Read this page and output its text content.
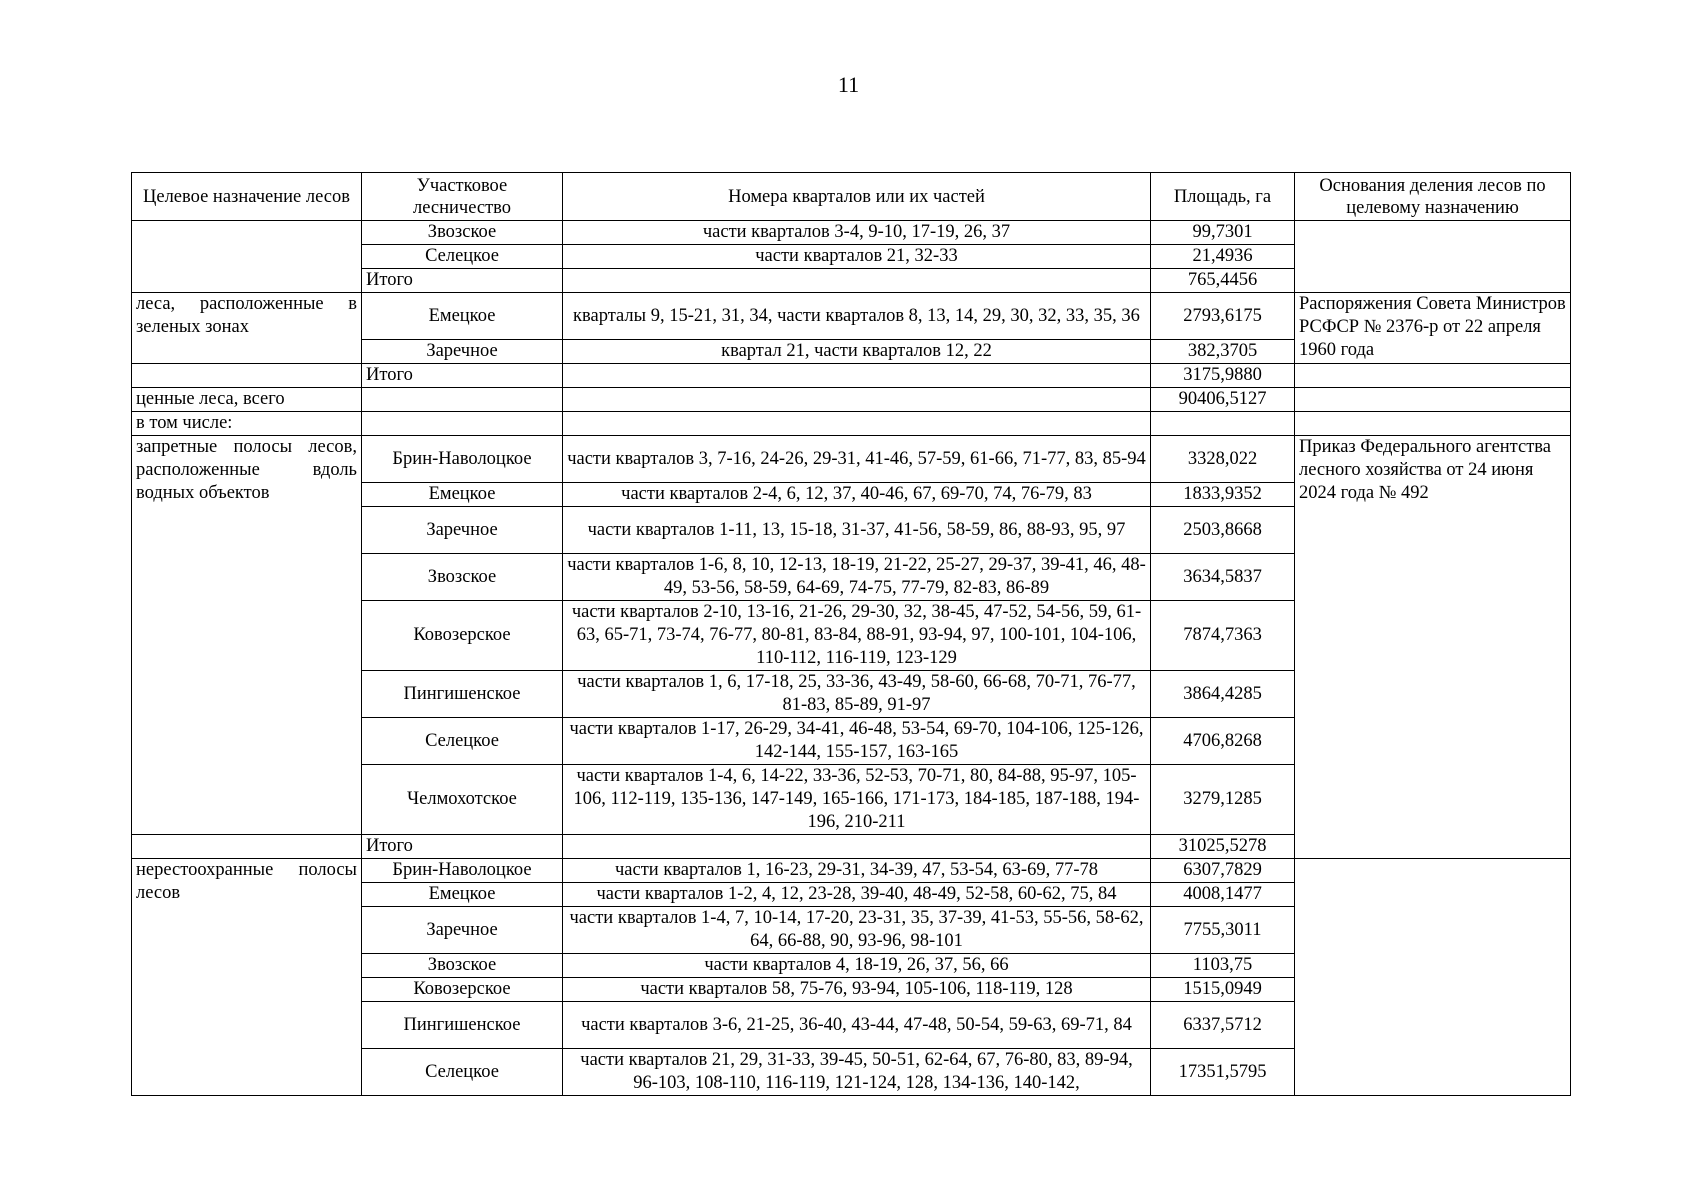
11
Целевое назначение лесов	Участковое лесничество	Номера кварталов или их частей	Площадь, га	Основания деления лесов по целевому назначению
	Звозское	части кварталов 3-4, 9-10, 17-19, 26, 37	99,7301	
	Селецкое	части кварталов 21, 32-33	21,4936	
	Итого		765,4456	
леса, расположенные в зеленых зонах	Емецкое	кварталы 9, 15-21, 31, 34, части кварталов 8, 13, 14, 29, 30, 32, 33, 35, 36	2793,6175	Распоряжения Совета Министров РСФСР № 2376-р от 22 апреля 1960 года
	Заречное	квартал 21, части кварталов 12, 22	382,3705	
	Итого		3175,9880	
ценные леса, всего			90406,5127	
в том числе:				
запретные полосы лесов, расположенные вдоль водных объектов	Брин-Наволоцкое	части кварталов 3, 7-16, 24-26, 29-31, 41-46, 57-59, 61-66, 71-77, 83, 85-94	3328,022	Приказ Федерального агентства лесного хозяйства от 24 июня 2024 года № 492
	Емецкое	части кварталов 2-4, 6, 12, 37, 40-46, 67, 69-70, 74, 76-79, 83	1833,9352	
	Заречное	части кварталов 1-11, 13, 15-18, 31-37, 41-56, 58-59, 86, 88-93, 95, 97	2503,8668	
	Звозское	части кварталов 1-6, 8, 10, 12-13, 18-19, 21-22, 25-27, 29-37, 39-41, 46, 48-49, 53-56, 58-59, 64-69, 74-75, 77-79, 82-83, 86-89	3634,5837	
	Ковозерское	части кварталов 2-10, 13-16, 21-26, 29-30, 32, 38-45, 47-52, 54-56, 59, 61-63, 65-71, 73-74, 76-77, 80-81, 83-84, 88-91, 93-94, 97, 100-101, 104-106, 110-112, 116-119, 123-129	7874,7363	
	Пингишенское	части кварталов 1, 6, 17-18, 25, 33-36, 43-49, 58-60, 66-68, 70-71, 76-77, 81-83, 85-89, 91-97	3864,4285	
	Селецкое	части кварталов 1-17, 26-29, 34-41, 46-48, 53-54, 69-70, 104-106, 125-126, 142-144, 155-157, 163-165	4706,8268	
	Челмохотское	части кварталов 1-4, 6, 14-22, 33-36, 52-53, 70-71, 80, 84-88, 95-97, 105-106, 112-119, 135-136, 147-149, 165-166, 171-173, 184-185, 187-188, 194-196, 210-211	3279,1285	
	Итого		31025,5278	
нерестоохранные полосы лесов	Брин-Наволоцкое	части кварталов 1, 16-23, 29-31, 34-39, 47, 53-54, 63-69, 77-78	6307,7829	
	Емецкое	части кварталов 1-2, 4, 12, 23-28, 39-40, 48-49, 52-58, 60-62, 75, 84	4008,1477	
	Заречное	части кварталов 1-4, 7, 10-14, 17-20, 23-31, 35, 37-39, 41-53, 55-56, 58-62, 64, 66-88, 90, 93-96, 98-101	7755,3011	
	Звозское	части кварталов 4, 18-19, 26, 37, 56, 66	1103,75	
	Ковозерское	части кварталов 58, 75-76, 93-94, 105-106, 118-119, 128	1515,0949	
	Пингишенское	части кварталов 3-6, 21-25, 36-40, 43-44, 47-48, 50-54, 59-63, 69-71, 84	6337,5712	
	Селецкое	части кварталов 21, 29, 31-33, 39-45, 50-51, 62-64, 67, 76-80, 83, 89-94, 96-103, 108-110, 116-119, 121-124, 128, 134-136, 140-142,	17351,5795	
